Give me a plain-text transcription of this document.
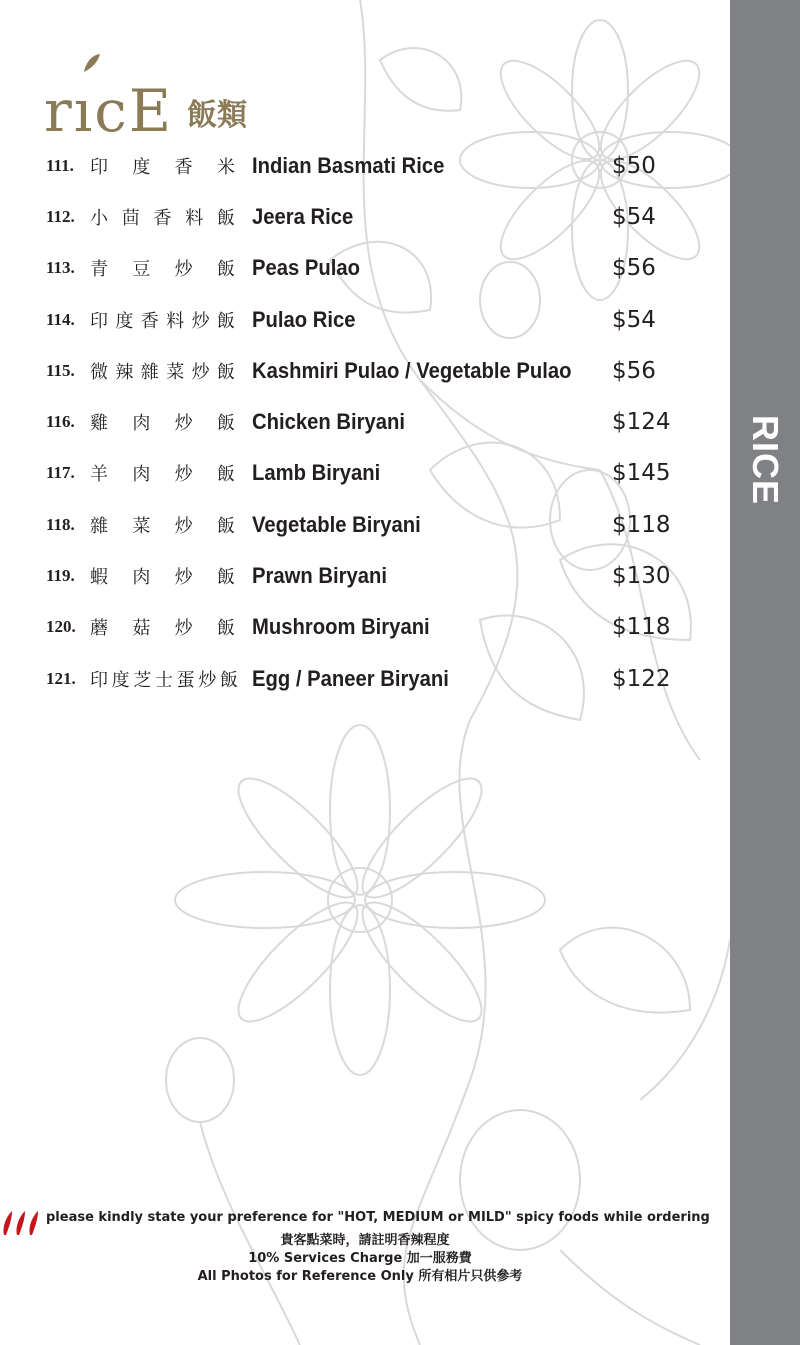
rıcE 飯類
111. 印度香米 Indian Basmati Rice	$50
112. 小茴香料飯 Jeera Rice	$54
113. 青豆炒飯 Peas Pulao	$56
114. 印度香料炒飯 Pulao Rice	$54
115. 微辣雜菜炒飯 Kashmiri Pulao / Vegetable Pulao $56
116. 雞肉炒飯 Chicken Biryani	$124
117. 羊肉炒飯 Lamb Biryani	$145
118. 雜菜炒飯 Vegetable Biryani	$118
119. 蝦肉炒飯 Prawn Biryani	$130
120. 蘑菇炒飯 Mushroom Biryani	$118
121. 印度芝士蛋炒飯 Egg / Paneer Biryani	$122
RICE
please kindly state your preference for "HOT, MEDIUM or MILD" spicy foods while ordering
貴客點菜時，請註明香辣程度
10% Services Charge 加一服務費
All Photos for Reference Only 所有相片只供參考
